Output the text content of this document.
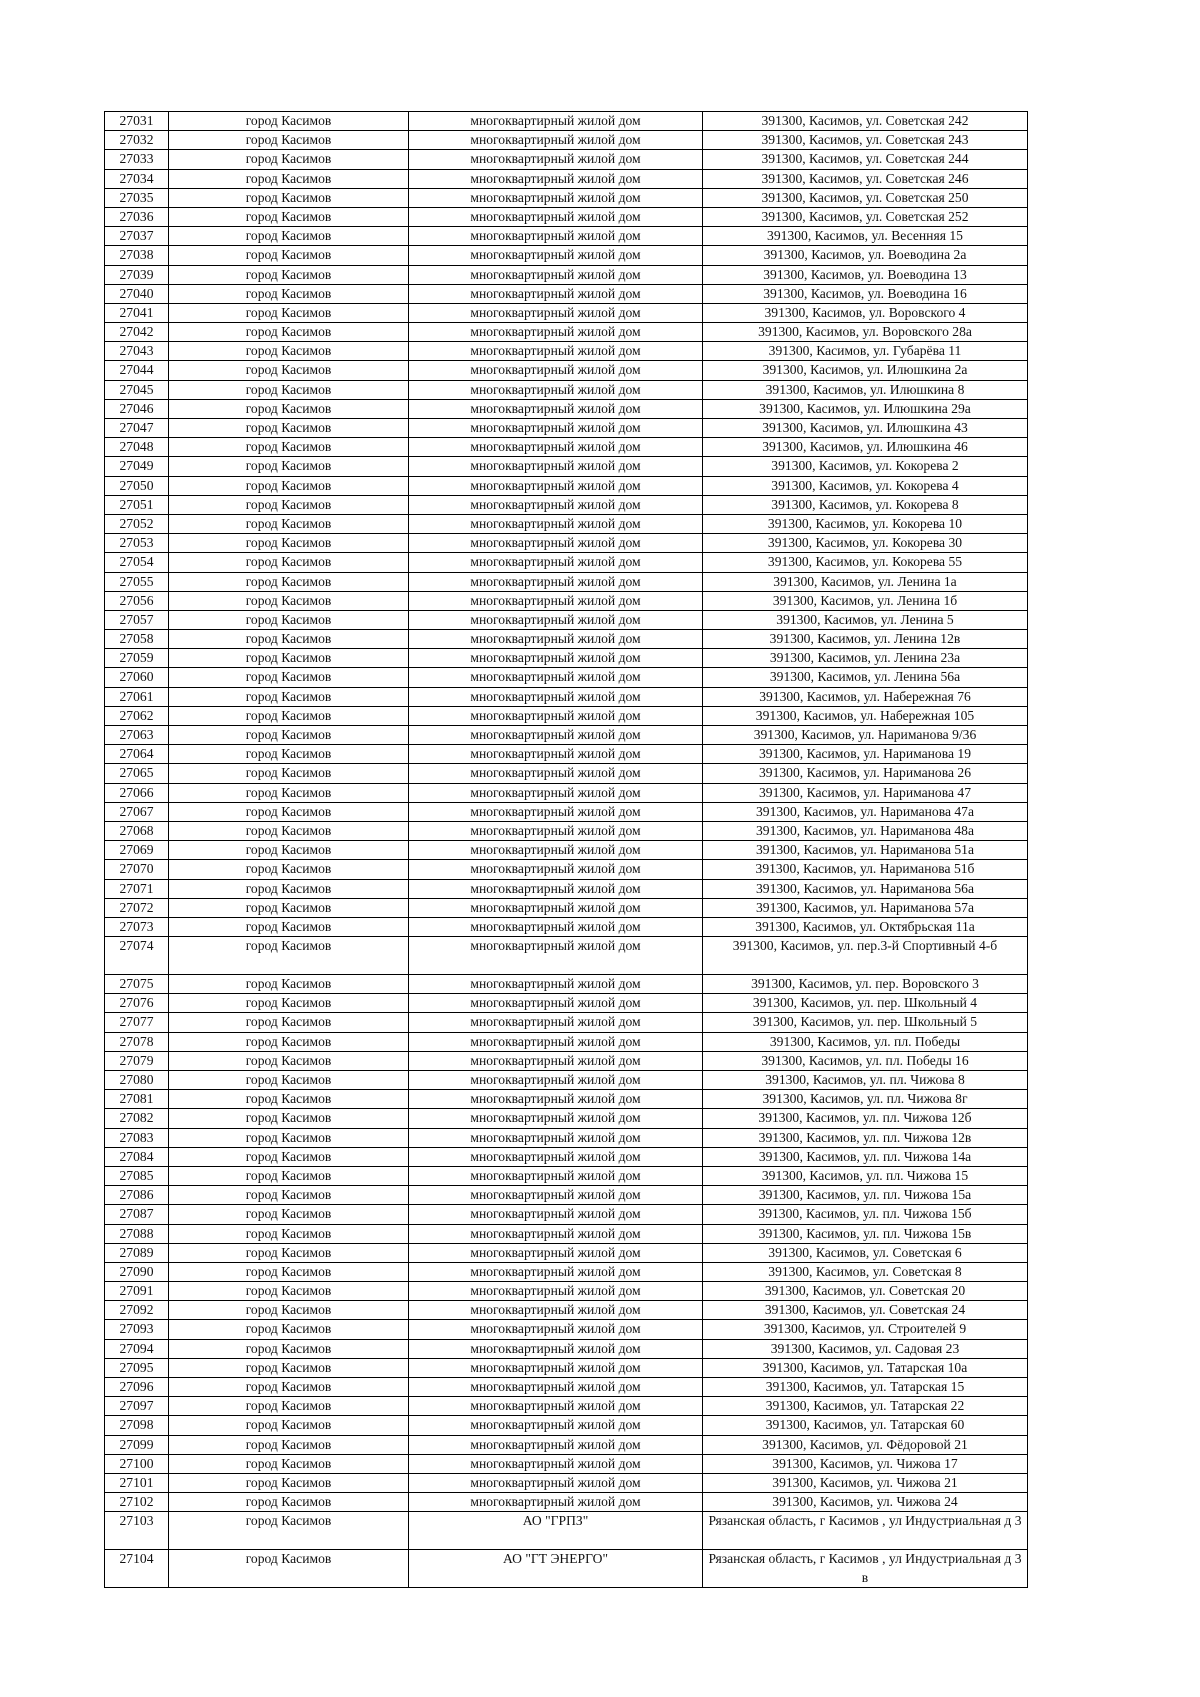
27031	город Касимов	многоквартирный жилой дом	391300, Касимов, ул. Советская 242
27032	город Касимов	многоквартирный жилой дом	391300, Касимов, ул. Советская 243
27033	город Касимов	многоквартирный жилой дом	391300, Касимов, ул. Советская 244
27034	город Касимов	многоквартирный жилой дом	391300, Касимов, ул. Советская 246
27035	город Касимов	многоквартирный жилой дом	391300, Касимов, ул. Советская 250
27036	город Касимов	многоквартирный жилой дом	391300, Касимов, ул. Советская 252
27037	город Касимов	многоквартирный жилой дом	391300, Касимов, ул. Весенняя 15
27038	город Касимов	многоквартирный жилой дом	391300, Касимов, ул. Воеводина 2а
27039	город Касимов	многоквартирный жилой дом	391300, Касимов, ул. Воеводина 13
27040	город Касимов	многоквартирный жилой дом	391300, Касимов, ул. Воеводина 16
27041	город Касимов	многоквартирный жилой дом	391300, Касимов, ул. Воровского 4
27042	город Касимов	многоквартирный жилой дом	391300, Касимов, ул. Воровского 28а
27043	город Касимов	многоквартирный жилой дом	391300, Касимов, ул. Губарёва 11
27044	город Касимов	многоквартирный жилой дом	391300, Касимов, ул. Илюшкина 2а
27045	город Касимов	многоквартирный жилой дом	391300, Касимов, ул. Илюшкина 8
27046	город Касимов	многоквартирный жилой дом	391300, Касимов, ул. Илюшкина 29а
27047	город Касимов	многоквартирный жилой дом	391300, Касимов, ул. Илюшкина 43
27048	город Касимов	многоквартирный жилой дом	391300, Касимов, ул. Илюшкина 46
27049	город Касимов	многоквартирный жилой дом	391300, Касимов, ул. Кокорева 2
27050	город Касимов	многоквартирный жилой дом	391300, Касимов, ул. Кокорева 4
27051	город Касимов	многоквартирный жилой дом	391300, Касимов, ул. Кокорева 8
27052	город Касимов	многоквартирный жилой дом	391300, Касимов, ул. Кокорева 10
27053	город Касимов	многоквартирный жилой дом	391300, Касимов, ул. Кокорева 30
27054	город Касимов	многоквартирный жилой дом	391300, Касимов, ул. Кокорева 55
27055	город Касимов	многоквартирный жилой дом	391300, Касимов, ул. Ленина 1а
27056	город Касимов	многоквартирный жилой дом	391300, Касимов, ул. Ленина 1б
27057	город Касимов	многоквартирный жилой дом	391300, Касимов, ул. Ленина 5
27058	город Касимов	многоквартирный жилой дом	391300, Касимов, ул. Ленина 12в
27059	город Касимов	многоквартирный жилой дом	391300, Касимов, ул. Ленина 23а
27060	город Касимов	многоквартирный жилой дом	391300, Касимов, ул. Ленина 56а
27061	город Касимов	многоквартирный жилой дом	391300, Касимов, ул. Набережная 76
27062	город Касимов	многоквартирный жилой дом	391300, Касимов, ул. Набережная 105
27063	город Касимов	многоквартирный жилой дом	391300, Касимов, ул. Нариманова 9/36
27064	город Касимов	многоквартирный жилой дом	391300, Касимов, ул. Нариманова 19
27065	город Касимов	многоквартирный жилой дом	391300, Касимов, ул. Нариманова 26
27066	город Касимов	многоквартирный жилой дом	391300, Касимов, ул. Нариманова 47
27067	город Касимов	многоквартирный жилой дом	391300, Касимов, ул. Нариманова 47а
27068	город Касимов	многоквартирный жилой дом	391300, Касимов, ул. Нариманова 48а
27069	город Касимов	многоквартирный жилой дом	391300, Касимов, ул. Нариманова 51а
27070	город Касимов	многоквартирный жилой дом	391300, Касимов, ул. Нариманова 51б
27071	город Касимов	многоквартирный жилой дом	391300, Касимов, ул. Нариманова 56а
27072	город Касимов	многоквартирный жилой дом	391300, Касимов, ул. Нариманова 57а
27073	город Касимов	многоквартирный жилой дом	391300, Касимов, ул. Октябрьская 11а
27074	город Касимов	многоквартирный жилой дом	391300, Касимов, ул. пер.3-й Спортивный 4-б
27075	город Касимов	многоквартирный жилой дом	391300, Касимов, ул. пер. Воровского 3
27076	город Касимов	многоквартирный жилой дом	391300, Касимов, ул. пер. Школьный 4
27077	город Касимов	многоквартирный жилой дом	391300, Касимов, ул. пер. Школьный 5
27078	город Касимов	многоквартирный жилой дом	391300, Касимов, ул. пл. Победы
27079	город Касимов	многоквартирный жилой дом	391300, Касимов, ул. пл. Победы 16
27080	город Касимов	многоквартирный жилой дом	391300, Касимов, ул. пл. Чижова 8
27081	город Касимов	многоквартирный жилой дом	391300, Касимов, ул. пл. Чижова 8г
27082	город Касимов	многоквартирный жилой дом	391300, Касимов, ул. пл. Чижова 12б
27083	город Касимов	многоквартирный жилой дом	391300, Касимов, ул. пл. Чижова 12в
27084	город Касимов	многоквартирный жилой дом	391300, Касимов, ул. пл. Чижова 14а
27085	город Касимов	многоквартирный жилой дом	391300, Касимов, ул. пл. Чижова 15
27086	город Касимов	многоквартирный жилой дом	391300, Касимов, ул. пл. Чижова 15а
27087	город Касимов	многоквартирный жилой дом	391300, Касимов, ул. пл. Чижова 15б
27088	город Касимов	многоквартирный жилой дом	391300, Касимов, ул. пл. Чижова 15в
27089	город Касимов	многоквартирный жилой дом	391300, Касимов, ул. Советская 6
27090	город Касимов	многоквартирный жилой дом	391300, Касимов, ул. Советская 8
27091	город Касимов	многоквартирный жилой дом	391300, Касимов, ул. Советская 20
27092	город Касимов	многоквартирный жилой дом	391300, Касимов, ул. Советская 24
27093	город Касимов	многоквартирный жилой дом	391300, Касимов, ул. Строителей 9
27094	город Касимов	многоквартирный жилой дом	391300, Касимов, ул. Садовая 23
27095	город Касимов	многоквартирный жилой дом	391300, Касимов, ул. Татарская 10а
27096	город Касимов	многоквартирный жилой дом	391300, Касимов, ул. Татарская 15
27097	город Касимов	многоквартирный жилой дом	391300, Касимов, ул. Татарская 22
27098	город Касимов	многоквартирный жилой дом	391300, Касимов, ул. Татарская 60
27099	город Касимов	многоквартирный жилой дом	391300, Касимов, ул. Фёдоровой 21
27100	город Касимов	многоквартирный жилой дом	391300, Касимов, ул. Чижова 17
27101	город Касимов	многоквартирный жилой дом	391300, Касимов, ул. Чижова 21
27102	город Касимов	многоквартирный жилой дом	391300, Касимов, ул. Чижова 24
27103	город Касимов	АО "ГРПЗ"	Рязанская область, г Касимов , ул Индустриальная д 3
27104	город Касимов	АО "ГТ ЭНЕРГО"	Рязанская область, г Касимов , ул Индустриальная д 3 в
